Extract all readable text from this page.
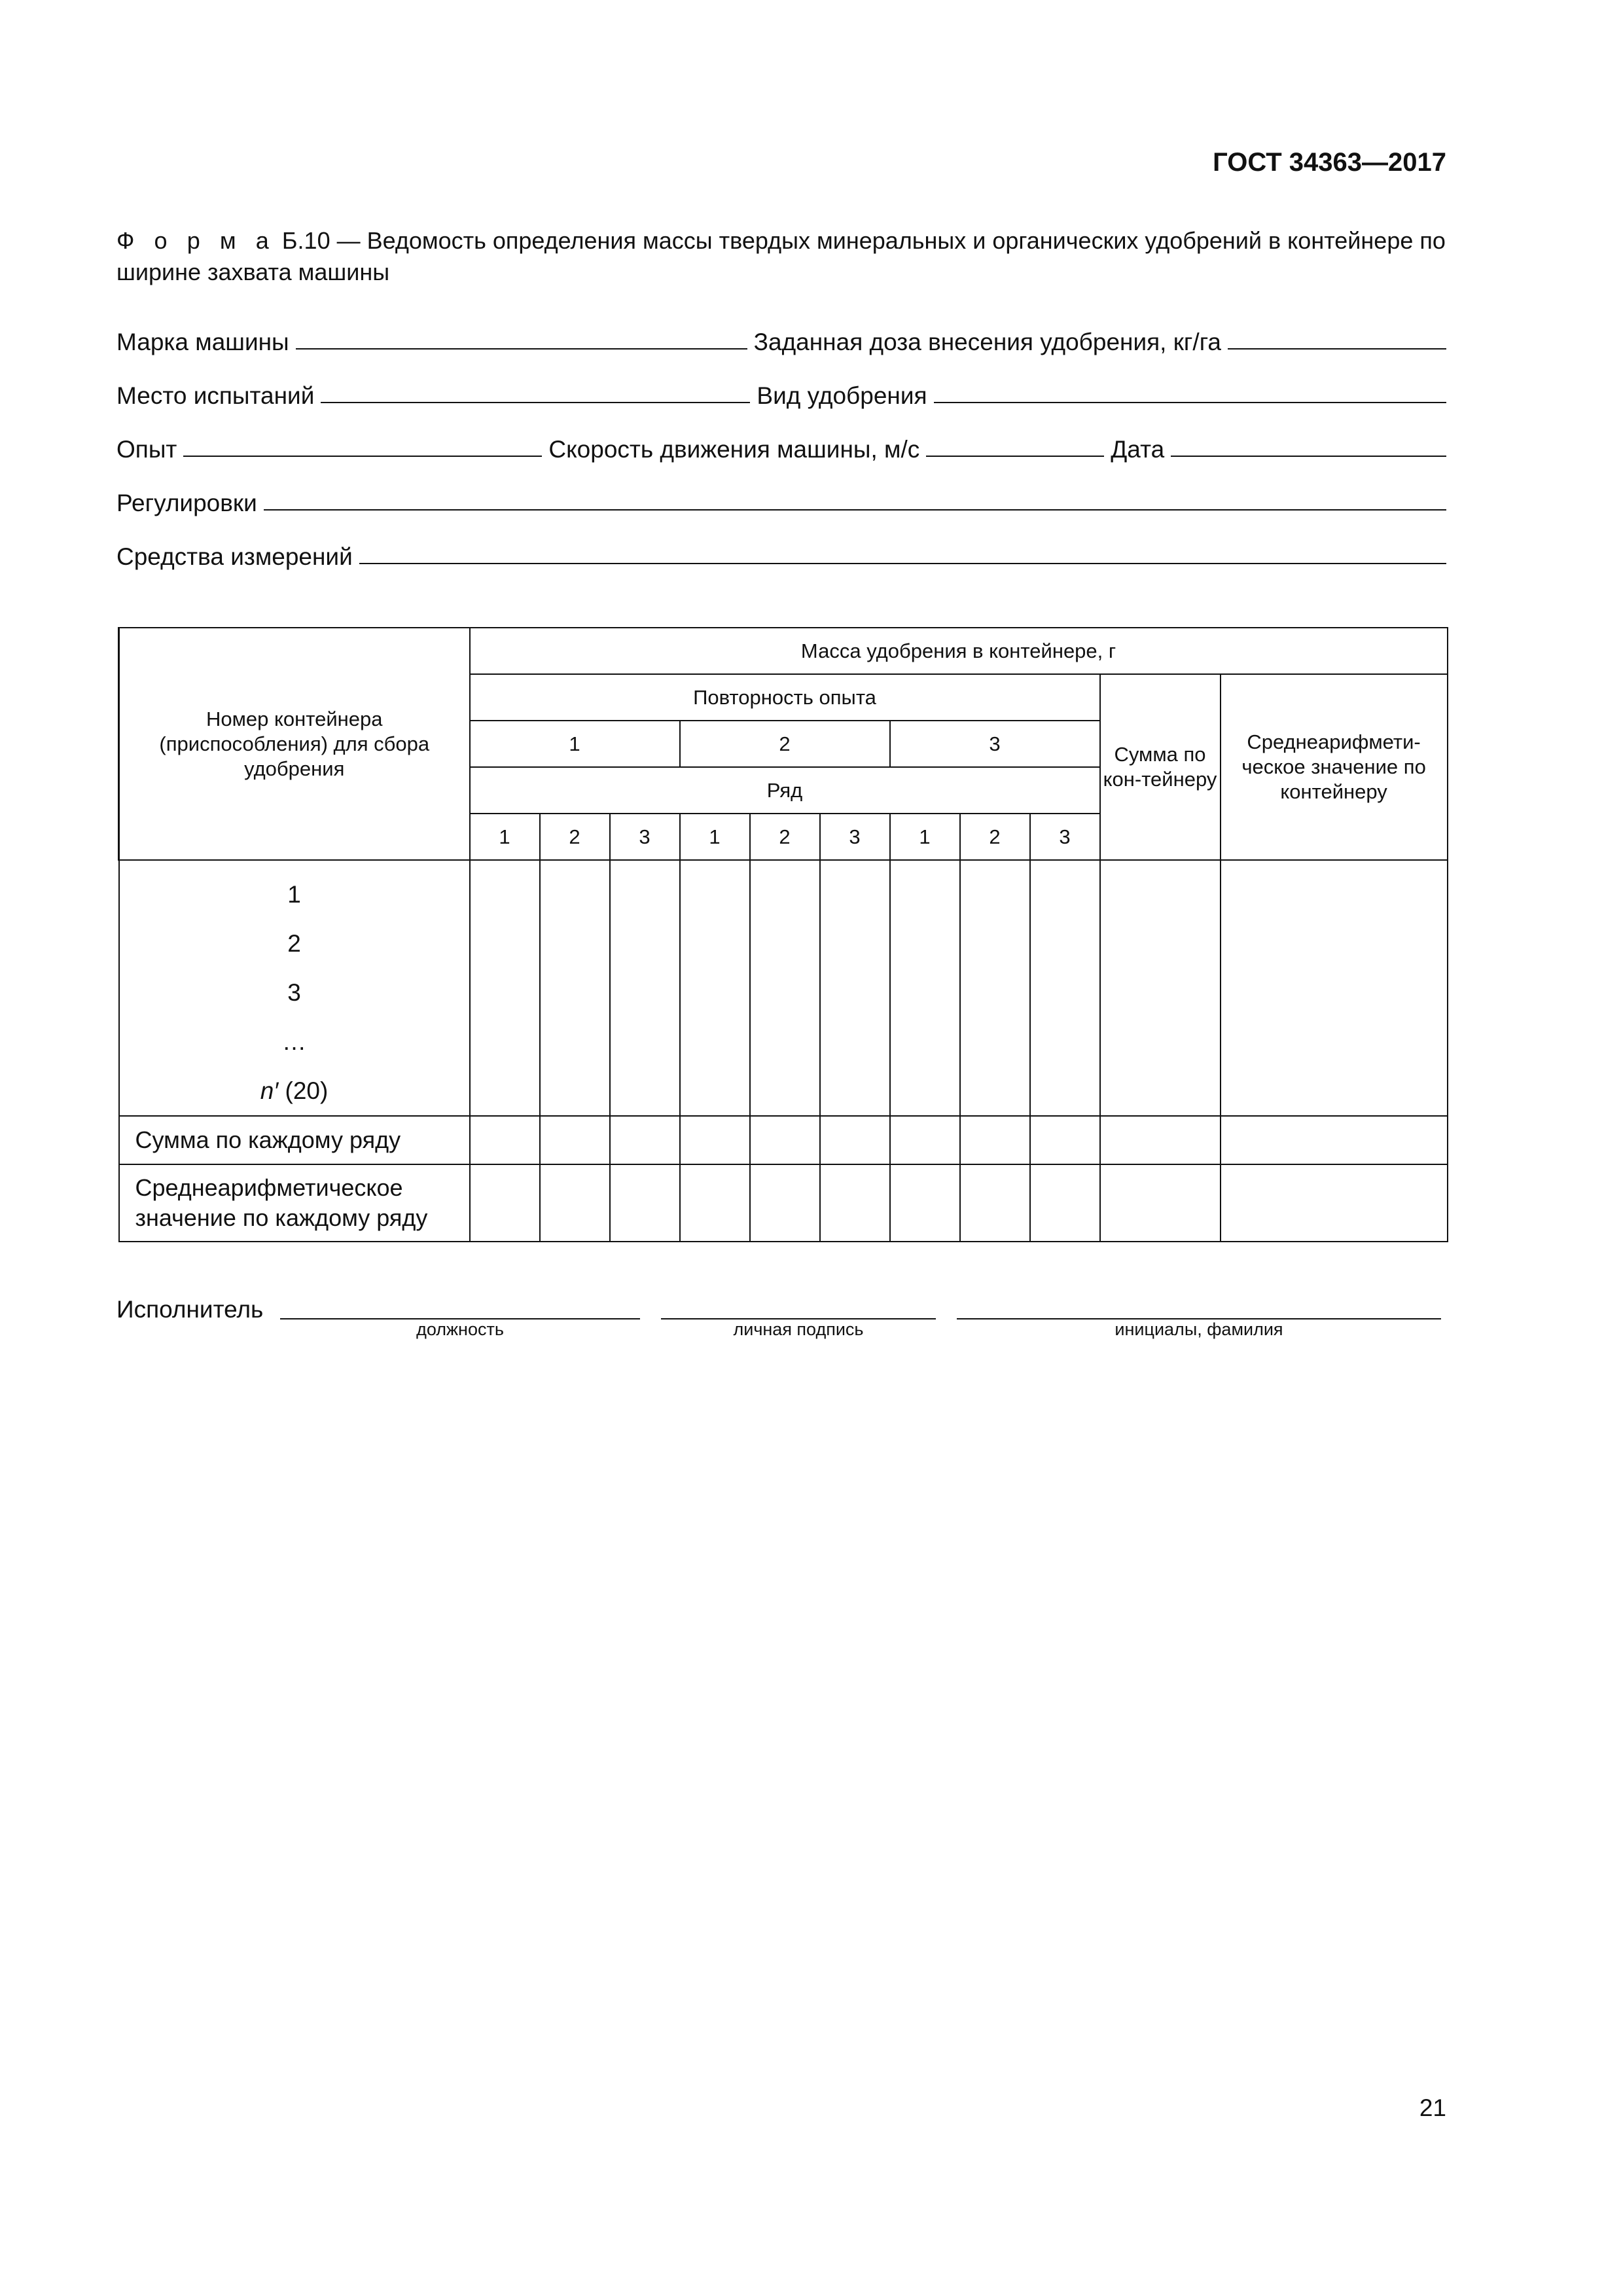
ГОСТ 34363—2017
Ф о р м а Б.10 — Ведомость определения массы твердых минеральных и органических удобрений в контейнере по ширине захвата машины
Марка машины	Заданная доза внесения удобрения, кг/га
Место испытаний	Вид удобрения
Опыт	Скорость движения машины, м/с	Дата
Регулировки
Средства измерений
Номер контейнера (приспособления) для сбора удобрения	Масса удобрения в контейнере, г										
	Повторность опыта									Сумма по кон-тейнеру	Среднеарифмети-ческое значение по контейнеру
	1			2			3				
	Ряд										
	1	2	3	1	2	3	1	2	3		

1
2
3
…
n′ (20)											

Сумма по каждому ряду											
Среднеарифметическое значение по каждому ряду											
Исполнитель
должность	личная подпись	инициалы, фамилия
21
